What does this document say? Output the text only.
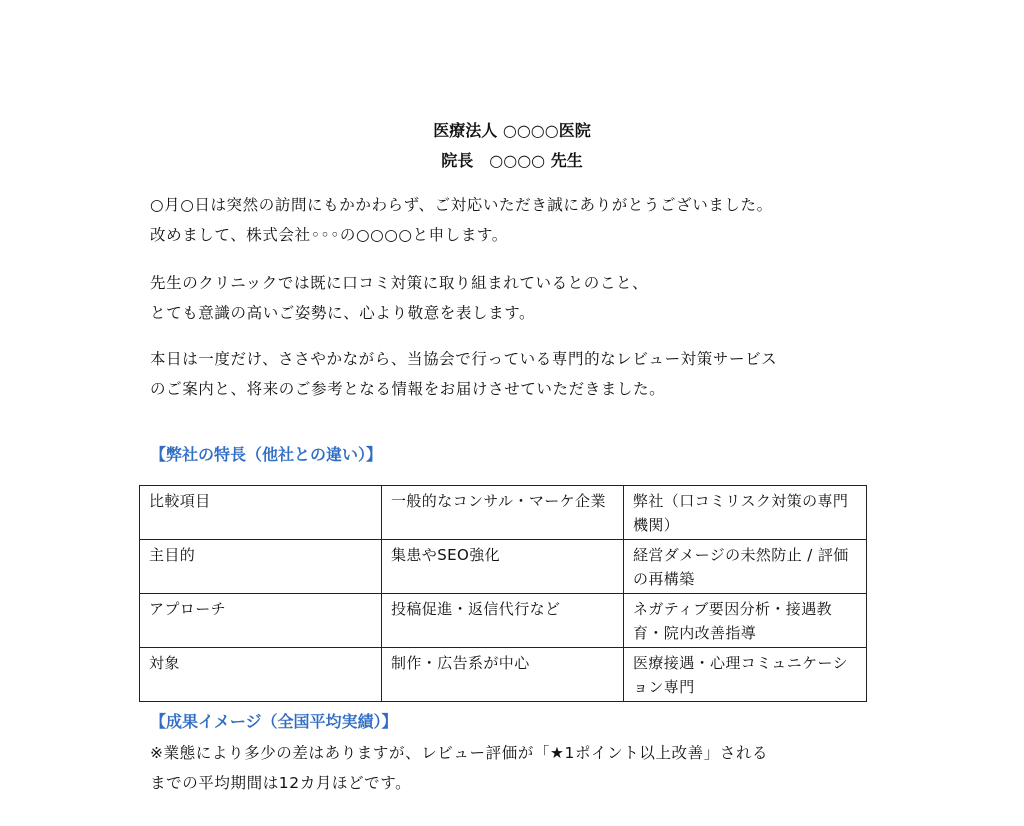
医療法人 ○○○○医院
院長　○○○○ 先生
○月○日は突然の訪問にもかかわらず、ご対応いただき誠にありがとうございました。
改めまして、株式会社◦◦◦の○○○○と申します。
先生のクリニックでは既に口コミ対策に取り組まれているとのこと、
とても意識の高いご姿勢に、心より敬意を表します。
本日は一度だけ、ささやかながら、当協会で行っている専門的なレビュー対策サービス
のご案内と、将来のご参考となる情報をお届けさせていただきました。
【弊社の特長（他社との違い）】
比較項目	一般的なコンサル・マーケ企業	弊社（口コミリスク対策の専門機関）
主目的	集患やSEO強化	経営ダメージの未然防止 / 評価の再構築
アプローチ	投稿促進・返信代行など	ネガティブ要因分析・接遇教育・院内改善指導
対象	制作・広告系が中心	医療接遇・心理コミュニケーション専門
【成果イメージ（全国平均実績）】
※業態により多少の差はありますが、レビュー評価が「★1ポイント以上改善」される
までの平均期間は12カ月ほどです。
